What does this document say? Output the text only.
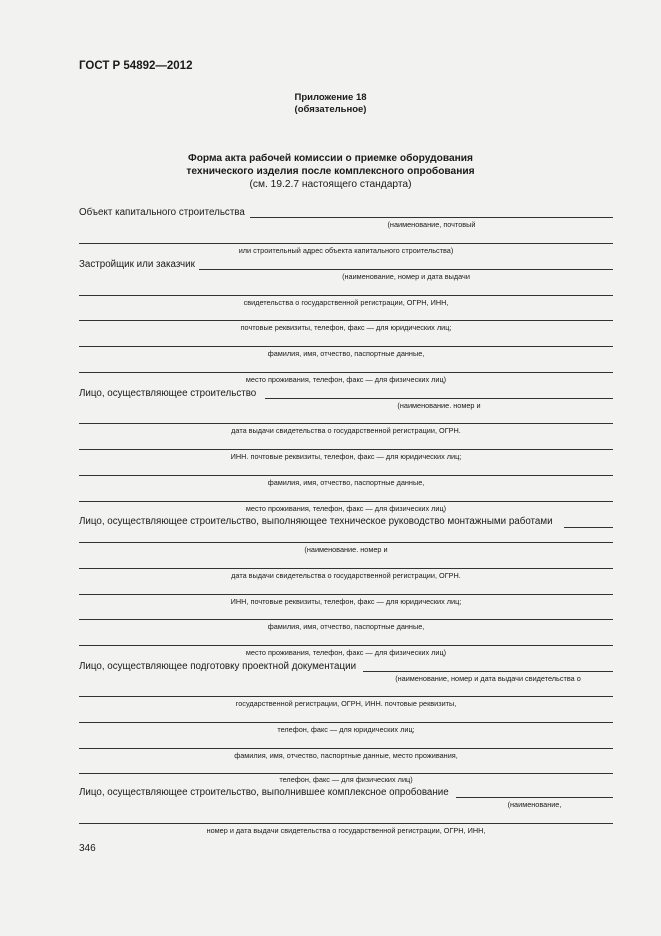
ГОСТ Р 54892—2012
Приложение 18
(обязательное)
Форма акта рабочей комиссии о приемке оборудования
технического изделия после комплексного опробования
(см. 19.2.7 настоящего стандарта)
Объект капитального строительства
(наименование, почтовый
или строительный адрес объекта капитального строительства)
Застройщик или заказчик
(наименование, номер и дата выдачи
свидетельства о государственной регистрации, ОГРН, ИНН,
почтовые реквизиты, телефон, факс — для юридических лиц;
фамилия, имя, отчество, паспортные данные,
место проживания, телефон, факс — для физических лиц)
Лицо, осуществляющее строительство
(наименование. номер и
дата выдачи свидетельства о государственной регистрации, ОГРН.
ИНН. почтовые реквизиты, телефон, факс — для юридических лиц;
фамилия, имя, отчество, паспортные данные,
место проживания, телефон, факс — для физических лиц)
Лицо, осуществляющее строительство, выполняющее техническое руководство монтажными работами
(наименование. номер и
дата выдачи свидетельства о государственной регистрации, ОГРН.
ИНН, почтовые реквизиты, телефон, факс — для юридических лиц;
фамилия, имя, отчество, паспортные данные,
место проживания, телефон, факс — для физических лиц)
Лицо, осуществляющее подготовку проектной документации
(наименование, номер и дата выдачи свидетельства о
государственной регистрации, ОГРН, ИНН. почтовые реквизиты,
телефон, факс — для юридических лиц;
фамилия, имя, отчество, паспортные данные, место проживания,
телефон, факс — для физических лиц)
Лицо, осуществляющее строительство, выполнившее комплексное опробование
(наименование,
номер и дата выдачи свидетельства о государственной регистрации, ОГРН, ИНН,
346
